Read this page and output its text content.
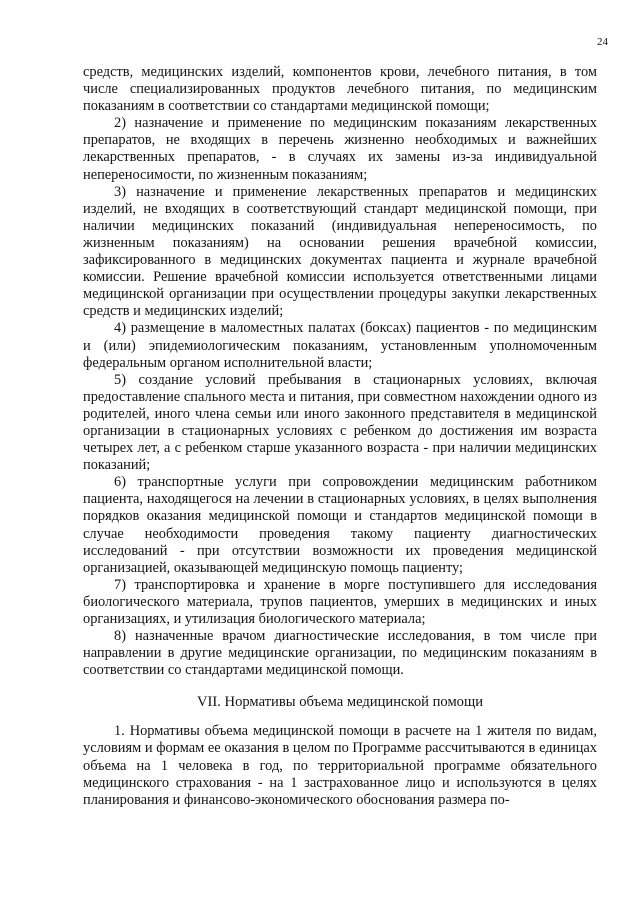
24

средств, медицинских изделий, компонентов крови, лечебного питания, в том числе специализированных продуктов лечебного питания, по медицинским показаниям в соответствии со стандартами медицинской помощи;

2) назначение и применение по медицинским показаниям лекарственных препаратов, не входящих в перечень жизненно необходимых и важнейших лекарственных препаратов, - в случаях их замены из-за индивидуальной непереносимости, по жизненным показаниям;

3) назначение и применение лекарственных препаратов и медицинских изделий, не входящих в соответствующий стандарт медицинской помощи, при наличии медицинских показаний (индивидуальная непереносимость, по жизненным показаниям) на основании решения врачебной комиссии, зафиксированного в медицинских документах пациента и журнале врачебной комиссии. Решение врачебной комиссии используется ответственными лицами медицинской организации при осуществлении процедуры закупки лекарственных средств и медицинских изделий;

4) размещение в маломестных палатах (боксах) пациентов - по медицинским и (или) эпидемиологическим показаниям, установленным уполномоченным федеральным органом исполнительной власти;

5) создание условий пребывания в стационарных условиях, включая предоставление спального места и питания, при совместном нахождении одного из родителей, иного члена семьи или иного законного представителя в медицинской организации в стационарных условиях с ребенком до достижения им возраста четырех лет, а с ребенком старше указанного возраста - при наличии медицинских показаний;

6) транспортные услуги при сопровождении медицинским работником пациента, находящегося на лечении в стационарных условиях, в целях выполнения порядков оказания медицинской помощи и стандартов медицинской помощи в случае необходимости проведения такому пациенту диагностических исследований - при отсутствии возможности их проведения медицинской организацией, оказывающей медицинскую помощь пациенту;

7) транспортировка и хранение в морге поступившего для исследования биологического материала, трупов пациентов, умерших в медицинских и иных организациях, и утилизация биологического материала;

8) назначенные врачом диагностические исследования, в том числе при направлении в другие медицинские организации, по медицинским показаниям в соответствии со стандартами медицинской помощи.

VII. Нормативы объема медицинской помощи

1. Нормативы объема медицинской помощи в расчете на 1 жителя по видам, условиям и формам ее оказания в целом по Программе рассчитываются в единицах объема на 1 человека в год, по территориальной программе обязательного медицинского страхования - на 1 застрахованное лицо и используются в целях планирования и финансово-экономического обоснования размера по-
